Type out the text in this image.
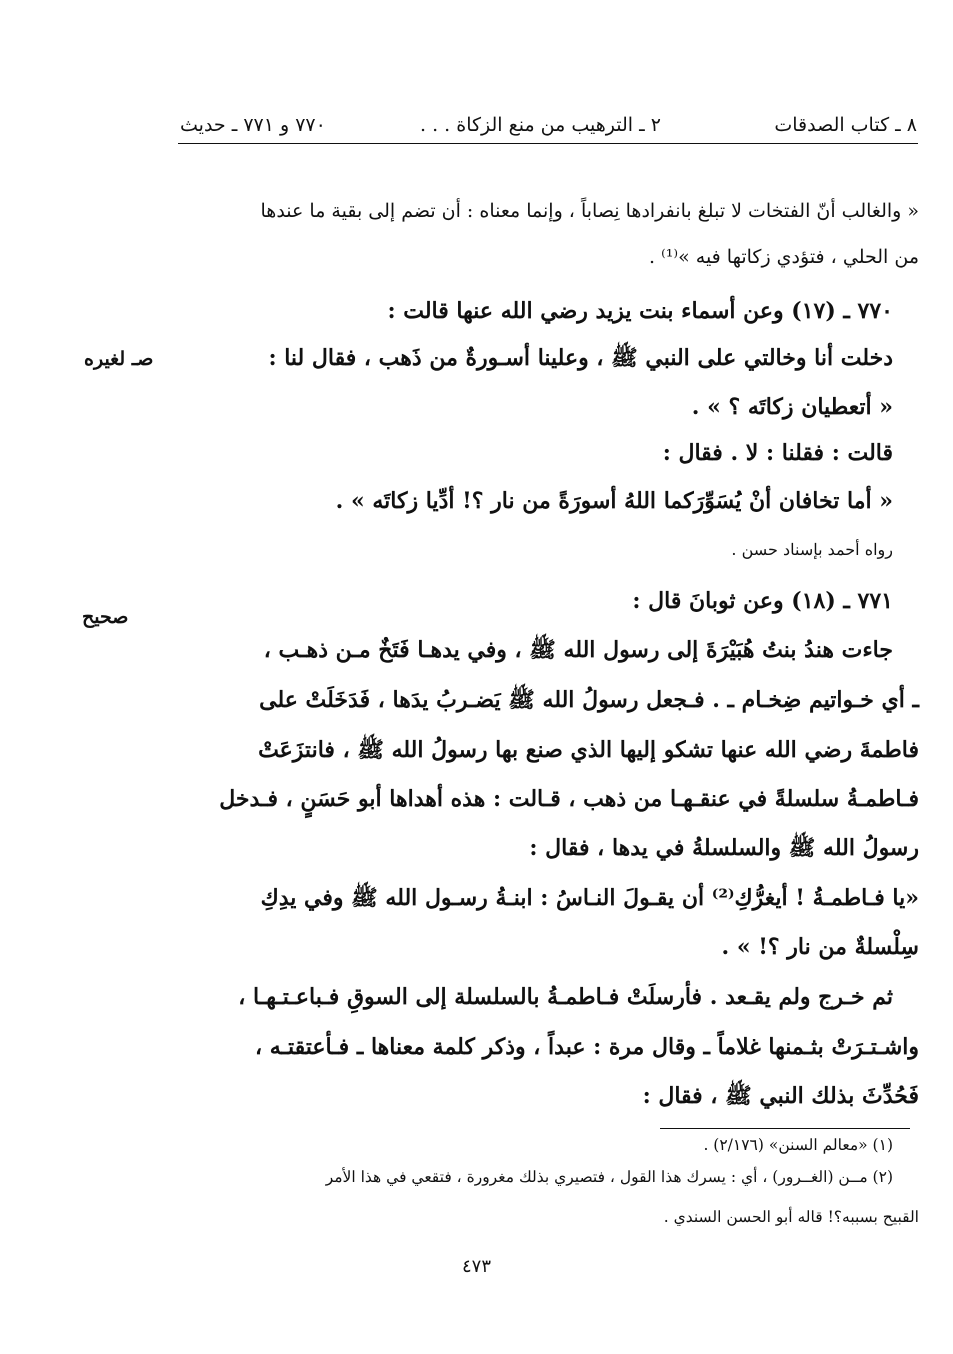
٨ ـ كتاب الصدقات
٢ ـ الترهيب من منع الزكاة . . .
٧٧٠ و ٧٧١ ـ حديث
« والغالب أنّ الفتخات لا تبلغ بانفرادها نِصاباً ، وإنما معناه : أن تضم إلى بقية ما عندها
من الحلي ، فتؤدي زكاتها فيه »⁽¹⁾ .
٧٧٠ ـ (١٧) وعن أسماء بنت يزيد رضي الله عنها قالت :
دخلت أنا وخالتي على النبي ﷺ ، وعلينا أسـورةٌ من ذَهب ، فقال لنا :
« أتعطيان زكاتَه ؟ » .
قالت : فقلنا : لا . فقال :
« أما تخافان أنْ يُسَوِّرَكما اللهُ أسورَةً من نار ؟! أدِّيا زكاتَه » .
رواه أحمد بإسناد حسن .
٧٧١ ـ (١٨) وعن ثوبانَ قال :
جاءت هندُ بنتُ هُبَيْرَةَ إلى رسول الله ﷺ ، وفي يدهـا فَتَخٌ مـن ذهـب ،
ـ أي خـواتيم ضِخـام ـ . فـجعل رسولُ الله ﷺ يَضـربُ يدَها ، فَدَخَلَتْ على
فاطمةَ رضي الله عنها تشكو إليها الذي صنع بها رسولُ الله ﷺ ، فانتزَعَتْ
فـاطمـةُ سلسلةً في عنقـهـا من ذهب ، قـالت : هذه أهداها أبو حَسَنٍ ، فـدخل
رسولُ الله ﷺ والسلسلةُ في يدها ، فقال :
«يا فـاطمـةُ ! أيغرُّكِ⁽²⁾ أن يقـولَ النـاسُ : ابنـةُ رسـول الله ﷺ وفي يدِكِ
سِلْسلةٌ من نار ؟! » .
ثم خـرج ولم يقـعد . فأرسلَتْ فـاطمـةُ بالسلسلة إلى السوقِ فـباعـتـهـا ،
واشـتـرَتْ بثـمنها غلاماً ـ وقال مرة : عبداً ، وذكر كلمة معناها ـ فـأعتقتـه ،
فَحُدِّثَ بذلك النبي ﷺ ، فقال :
صـ لغيره
صحيح
(١) «معالم السنن» (٢/١٧٦) .
(٢) مــن (الغــرور) ، أي : يسرك هذا القول ، فتصيري بذلك مغرورة ، فتقعي في هذا الأمر
القبيح بسببه؟! قاله أبو الحسن السندي .
٤٧٣
